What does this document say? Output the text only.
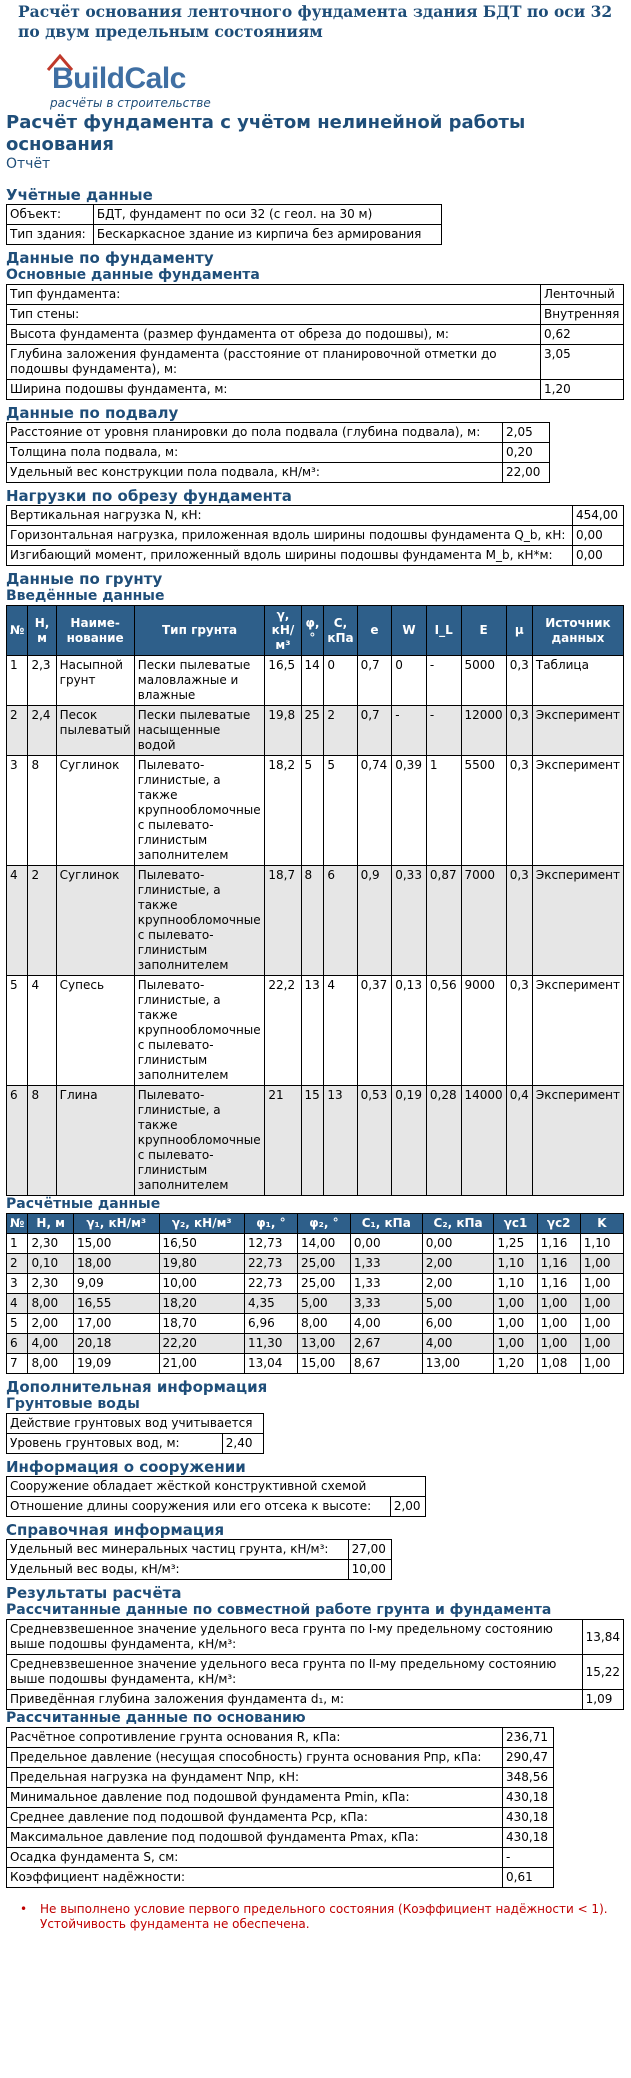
Расчёт основания ленточного фундамента здания БДТ по оси 32 по двум предельным состояниям
BuildCalc
расчёты в строительстве
Расчёт фундамента с учётом нелинейной работы основания
Отчёт
Учётные данные
Объект:	БДТ, фундамент по оси 32 (с геол. на 30 м)
Тип здания:	Бескаркасное здание из кирпича без армирования
Данные по фундаменту
Основные данные фундамента
Тип фундамента:	Ленточный
Тип стены:	Внутренняя
Высота фундамента (размер фундамента от обреза до подошвы), м:	0,62
Глубина заложения фундамента (расстояние от планировочной отметки до подошвы фундамента), м:	3,05
Ширина подошвы фундамента, м:	1,20
Данные по подвалу
Расстояние от уровня планировки до пола подвала (глубина подвала), м:	2,05
Толщина пола подвала, м:	0,20
Удельный вес конструкции пола подвала, кН/м³:	22,00
Нагрузки по обрезу фундамента
Вертикальная нагрузка N, кН:	454,00
Горизонтальная нагрузка, приложенная вдоль ширины подошвы фундамента Q_b, кН:	0,00
Изгибающий момент, приложенный вдоль ширины подошвы фундамента M_b, кН*м:	0,00
Данные по грунту
Введённые данные
№	H, м	Наиме-нование	Тип грунта	γ, кН/м³	φ, °	C, кПа	e	W	I_L	E	μ	Источник данных
1	2,3	Насыпной грунт	Пески пылеватые маловлажные и влажные	16,5	14	0	0,7	0	-	5000	0,3	Таблица
2	2,4	Песок пылеватый	Пески пылеватые насыщенные водой	19,8	25	2	0,7	-	-	12000	0,3	Эксперимент
3	8	Суглинок	Пылевато-глинистые, а также крупнообломочные с пылевато-глинистым заполнителем	18,2	5	5	0,74	0,39	1	5500	0,3	Эксперимент
4	2	Суглинок	Пылевато-глинистые, а также крупнообломочные с пылевато-глинистым заполнителем	18,7	8	6	0,9	0,33	0,87	7000	0,3	Эксперимент
5	4	Супесь	Пылевато-глинистые, а также крупнообломочные с пылевато-глинистым заполнителем	22,2	13	4	0,37	0,13	0,56	9000	0,3	Эксперимент
6	8	Глина	Пылевато-глинистые, а также крупнообломочные с пылевато-глинистым заполнителем	21	15	13	0,53	0,19	0,28	14000	0,4	Эксперимент
Расчётные данные
№	H, м	γ₁, кН/м³	γ₂, кН/м³	φ₁, °	φ₂, °	C₁, кПа	C₂, кПа	γc1	γc2	K
1	2,30	15,00	16,50	12,73	14,00	0,00	0,00	1,25	1,16	1,10
2	0,10	18,00	19,80	22,73	25,00	1,33	2,00	1,10	1,16	1,00
3	2,30	9,09	10,00	22,73	25,00	1,33	2,00	1,10	1,16	1,00
4	8,00	16,55	18,20	4,35	5,00	3,33	5,00	1,00	1,00	1,00
5	2,00	17,00	18,70	6,96	8,00	4,00	6,00	1,00	1,00	1,00
6	4,00	20,18	22,20	11,30	13,00	2,67	4,00	1,00	1,00	1,00
7	8,00	19,09	21,00	13,04	15,00	8,67	13,00	1,20	1,08	1,00
Дополнительная информация
Грунтовые воды
Действие грунтовых вод учитывается
Уровень грунтовых вод, м:	2,40
Информация о сооружении
Сооружение обладает жёсткой конструктивной схемой
Отношение длины сооружения или его отсека к высоте:	2,00
Справочная информация
Удельный вес минеральных частиц грунта, кН/м³:	27,00
Удельный вес воды, кН/м³:	10,00
Результаты расчёта
Рассчитанные данные по совместной работе грунта и фундамента
Средневзвешенное значение удельного веса грунта по I-му предельному состоянию выше подошвы фундамента, кН/м³:	13,84
Средневзвешенное значение удельного веса грунта по II-му предельному состоянию выше подошвы фундамента, кН/м³:	15,22
Приведённая глубина заложения фундамента d₁, м:	1,09
Рассчитанные данные по основанию
Расчётное сопротивление грунта основания R, кПа:	236,71
Предельное давление (несущая способность) грунта основания Pпр, кПа:	290,47
Предельная нагрузка на фундамент Nпр, кН:	348,56
Минимальное давление под подошвой фундамента Pmin, кПа:	430,18
Среднее давление под подошвой фундамента Pср, кПа:	430,18
Максимальное давление под подошвой фундамента Pmax, кПа:	430,18
Осадка фундамента S, см:	-
Коэффициент надёжности:	0,61
• Не выполнено условие первого предельного состояния (Коэффициент надёжности < 1). Устойчивость фундамента не обеспечена.
